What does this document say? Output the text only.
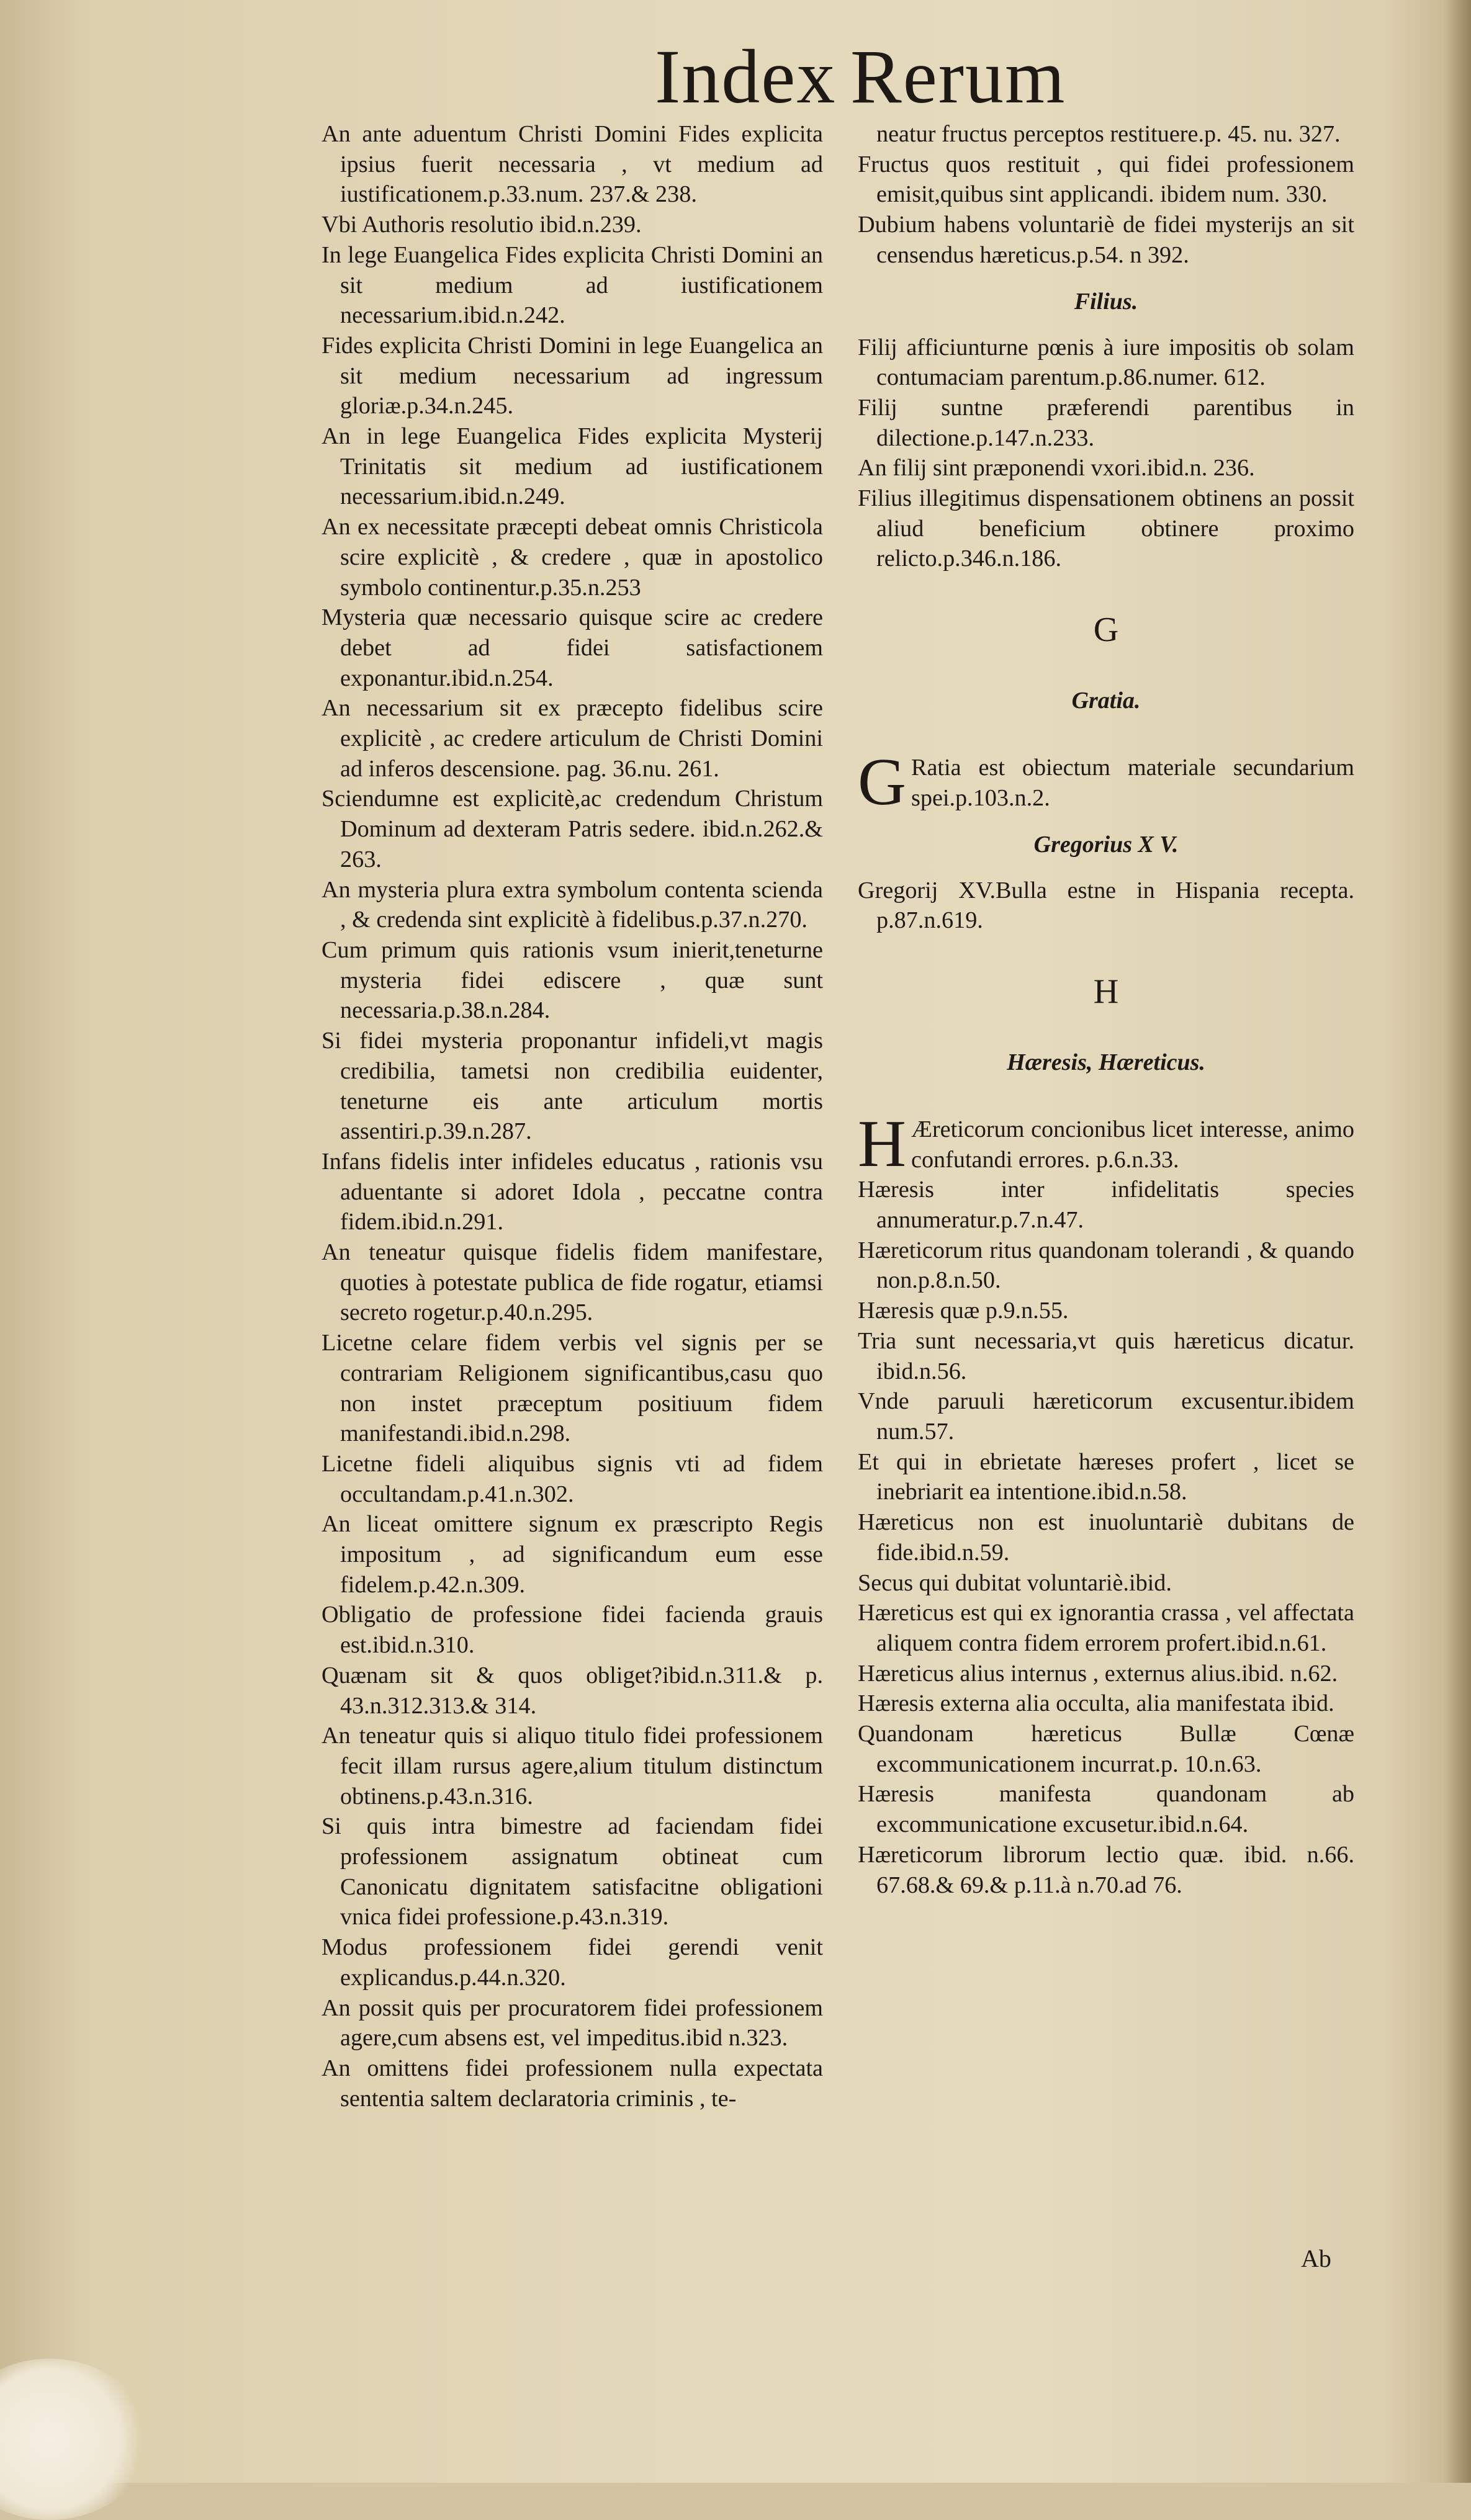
Index Rerum

An ante aduentum Christi Domini Fides explicita ipsius fuerit necessaria , vt medium ad iustificationem.p.33.num. 237.& 238.

Vbi Authoris resolutio ibid.n.239.

In lege Euangelica Fides explicita Christi Domini an sit medium ad iustificationem necessarium.ibid.n.242.

Fides explicita Christi Domini in lege Euangelica an sit medium necessarium ad ingressum gloriæ.p.34.n.245.

An in lege Euangelica Fides explicita Mysterij Trinitatis sit medium ad iustificationem necessarium.ibid.n.249.

An ex necessitate præcepti debeat omnis Christicola scire explicitè , & credere , quæ in apostolico symbolo continentur.p.35.n.253

Mysteria quæ necessario quisque scire ac credere debet ad fidei satisfactionem exponantur.ibid.n.254.

An necessarium sit ex præcepto fidelibus scire explicitè , ac credere articulum de Christi Domini ad inferos descensione. pag. 36.nu. 261.

Sciendumne est explicitè,ac credendum Christum Dominum ad dexteram Patris sedere. ibid.n.262.& 263.

An mysteria plura extra symbolum contenta scienda , & credenda sint explicitè à fidelibus.p.37.n.270.

Cum primum quis rationis vsum inierit,teneturne mysteria fidei ediscere , quæ sunt necessaria.p.38.n.284.

Si fidei mysteria proponantur infideli,vt magis credibilia, tametsi non credibilia euidenter, teneturne eis ante articulum mortis assentiri.p.39.n.287.

Infans fidelis inter infideles educatus , rationis vsu aduentante si adoret Idola , peccatne contra fidem.ibid.n.291.

An teneatur quisque fidelis fidem manifestare, quoties à potestate publica de fide rogatur, etiamsi secreto rogetur.p.40.n.295.

Licetne celare fidem verbis vel signis per se contrariam Religionem significantibus,casu quo non instet præceptum positiuum fidem manifestandi.ibid.n.298.

Licetne fideli aliquibus signis vti ad fidem occultandam.p.41.n.302.

An liceat omittere signum ex præscripto Regis impositum , ad significandum eum esse fidelem.p.42.n.309.

Obligatio de professione fidei facienda grauis est.ibid.n.310.

Quænam sit & quos obliget?ibid.n.311.& p. 43.n.312.313.& 314.

An teneatur quis si aliquo titulo fidei professionem fecit illam rursus agere,alium titulum distinctum obtinens.p.43.n.316.

Si quis intra bimestre ad faciendam fidei professionem assignatum obtineat cum Canonicatu dignitatem satisfacitne obligationi vnica fidei professione.p.43.n.319.

Modus professionem fidei gerendi venit explicandus.p.44.n.320.

An possit quis per procuratorem fidei professionem agere,cum absens est, vel impeditus.ibid n.323.

An omittens fidei professionem nulla expectata sententia saltem declaratoria criminis , te-

neatur fructus perceptos restituere.p. 45. nu. 327.

Fructus quos restituit , qui fidei professionem emisit,quibus sint applicandi. ibidem num. 330.

Dubium habens voluntariè de fidei mysterijs an sit censendus hæreticus.p.54. n 392.

Filius.

Filij afficiunturne pœnis à iure impositis ob solam contumaciam parentum.p.86.numer. 612.

Filij suntne præferendi parentibus in dilectione.p.147.n.233.

An filij sint præponendi vxori.ibid.n. 236.

Filius illegitimus dispensationem obtinens an possit aliud beneficium obtinere proximo relicto.p.346.n.186.

G

Gratia.

G Ratia est obiectum materiale secundarium spei.p.103.n.2.

Gregorius X V.

Gregorij XV.Bulla estne in Hispania recepta. p.87.n.619.

H

Hæresis, Hæreticus.

H Æreticorum concionibus licet interesse, animo confutandi errores. p.6.n.33.

Hæresis inter infidelitatis species annumeratur.p.7.n.47.

Hæreticorum ritus quandonam tolerandi , & quando non.p.8.n.50.

Hæresis quæ p.9.n.55.

Tria sunt necessaria,vt quis hæreticus dicatur. ibid.n.56.

Vnde paruuli hæreticorum excusentur.ibidem num.57.

Et qui in ebrietate hæreses profert , licet se inebriarit ea intentione.ibid.n.58.

Hæreticus non est inuoluntariè dubitans de fide.ibid.n.59.

Secus qui dubitat voluntariè.ibid.

Hæreticus est qui ex ignorantia crassa , vel affectata aliquem contra fidem errorem profert.ibid.n.61.

Hæreticus alius internus , externus alius.ibid. n.62.

Hæresis externa alia occulta, alia manifestata ibid.

Quandonam hæreticus Bullæ Cœnæ excommunicationem incurrat.p. 10.n.63.

Hæresis manifesta quandonam ab excommunicatione excusetur.ibid.n.64.

Hæreticorum librorum lectio quæ. ibid. n.66. 67.68.& 69.& p.11.à n.70.ad 76.

Ab
